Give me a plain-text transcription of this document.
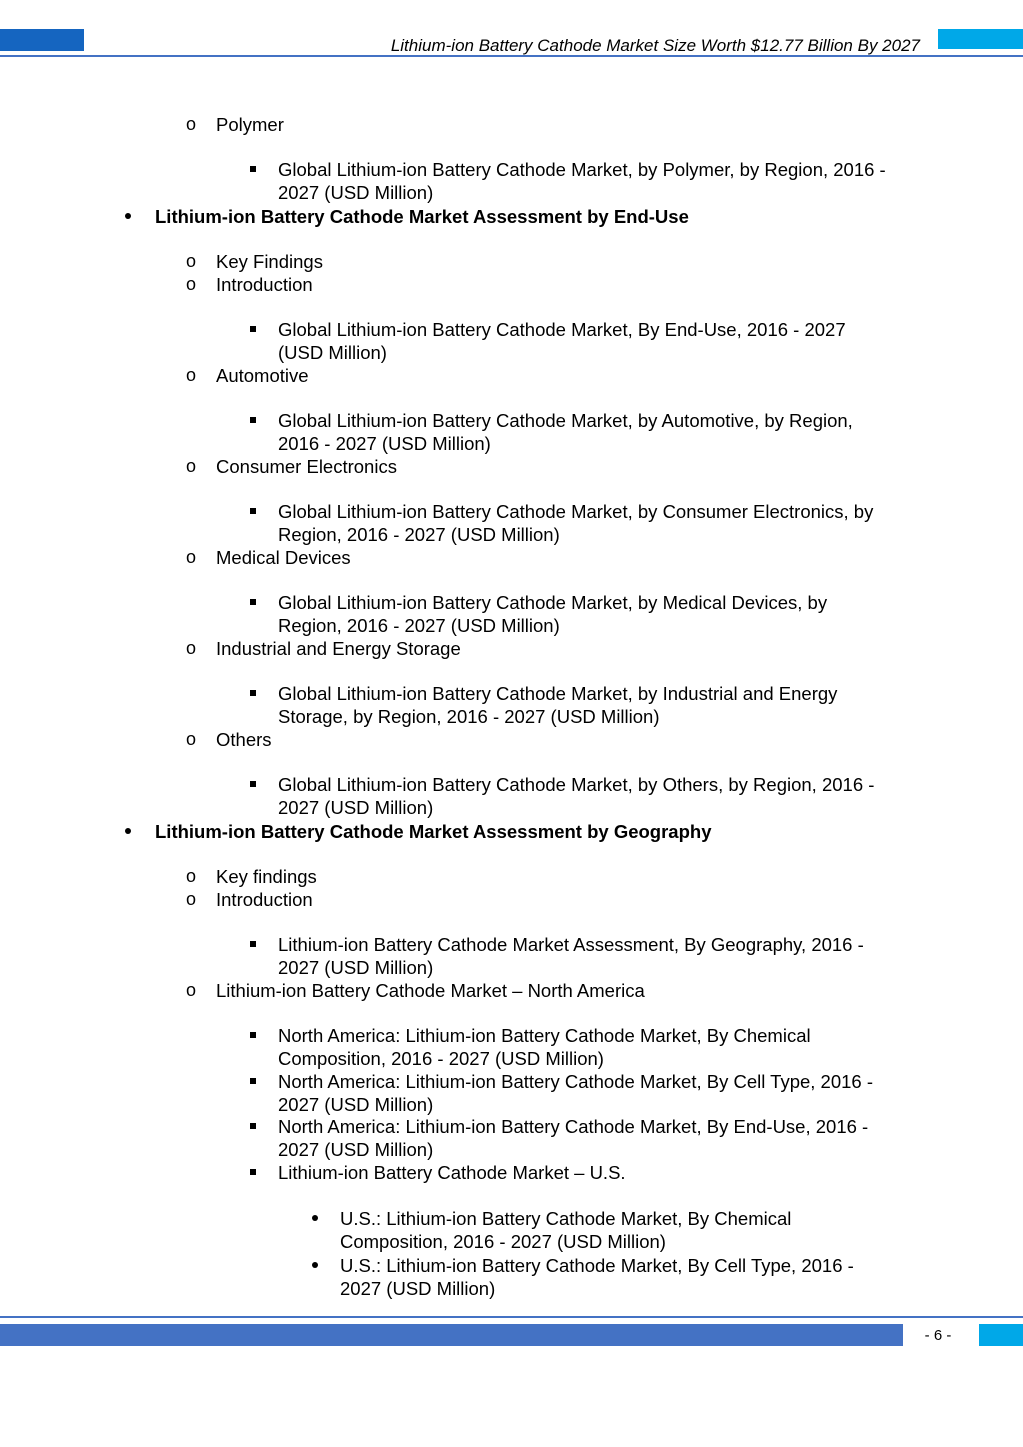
Lithium-ion Battery Cathode Market Size Worth $12.77 Billion By 2027
o Polymer
Global Lithium-ion Battery Cathode Market, by Polymer, by Region, 2016 -
2027 (USD Million)
Lithium-ion Battery Cathode Market Assessment by End-Use
o Key Findings
o Introduction
Global Lithium-ion Battery Cathode Market, By End-Use, 2016 - 2027
(USD Million)
o Automotive
Global Lithium-ion Battery Cathode Market, by Automotive, by Region,
2016 - 2027 (USD Million)
o Consumer Electronics
Global Lithium-ion Battery Cathode Market, by Consumer Electronics, by
Region, 2016 - 2027 (USD Million)
o Medical Devices
Global Lithium-ion Battery Cathode Market, by Medical Devices, by
Region, 2016 - 2027 (USD Million)
o Industrial and Energy Storage
Global Lithium-ion Battery Cathode Market, by Industrial and Energy
Storage, by Region, 2016 - 2027 (USD Million)
o Others
Global Lithium-ion Battery Cathode Market, by Others, by Region, 2016 -
2027 (USD Million)
Lithium-ion Battery Cathode Market Assessment by Geography
o Key findings
o Introduction
Lithium-ion Battery Cathode Market Assessment, By Geography, 2016 -
2027 (USD Million)
o Lithium-ion Battery Cathode Market – North America
North America: Lithium-ion Battery Cathode Market, By Chemical
Composition, 2016 - 2027 (USD Million)
North America: Lithium-ion Battery Cathode Market, By Cell Type, 2016 -
2027 (USD Million)
North America: Lithium-ion Battery Cathode Market, By End-Use, 2016 -
2027 (USD Million)
Lithium-ion Battery Cathode Market – U.S.
U.S.: Lithium-ion Battery Cathode Market, By Chemical
Composition, 2016 - 2027 (USD Million)
U.S.: Lithium-ion Battery Cathode Market, By Cell Type, 2016 -
2027 (USD Million)
- 6 -
